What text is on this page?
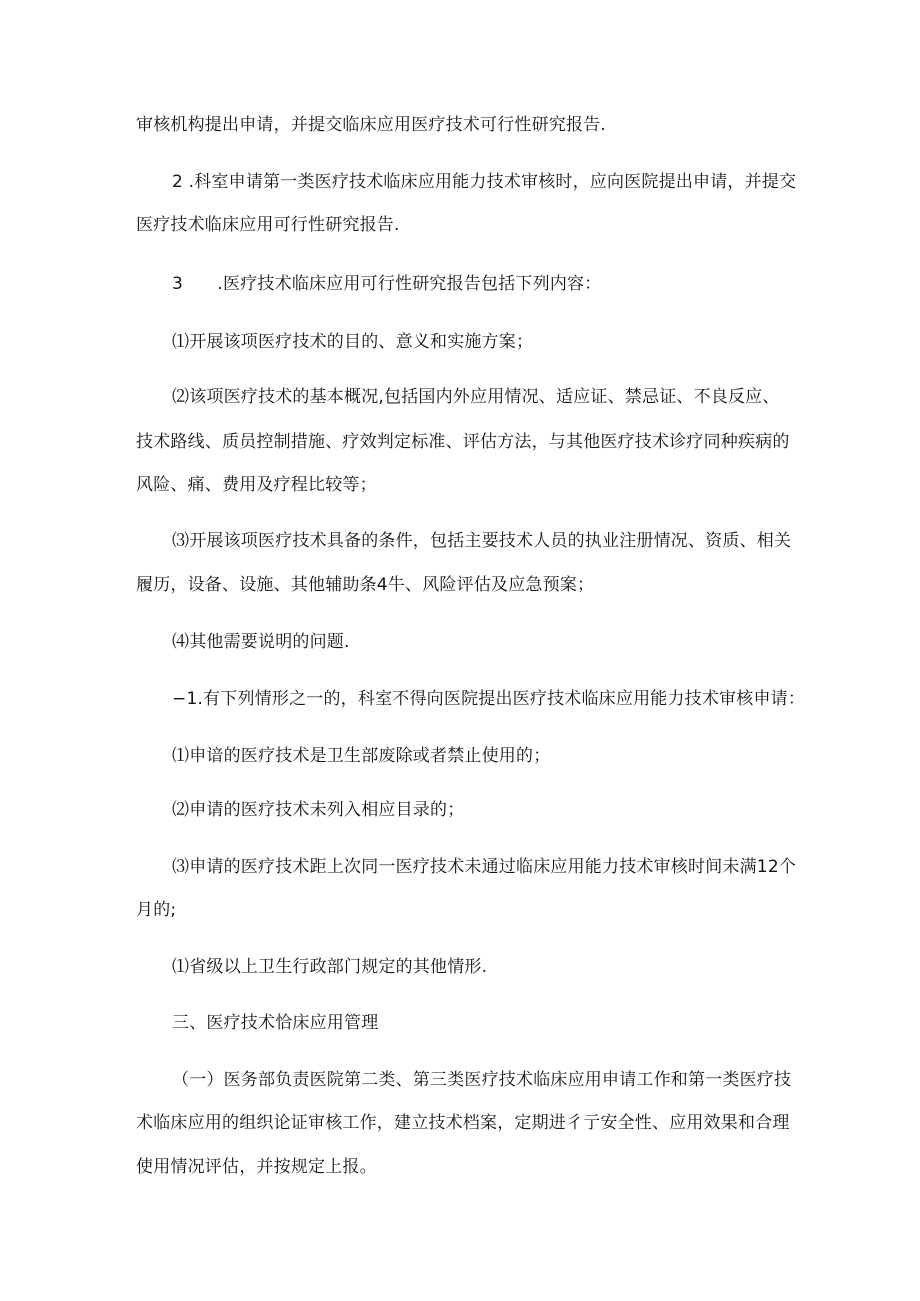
审核机构提出申请，并提交临床应用医疗技术可行性研究报告.

2 .科室申请第一类医疗技术临床应用能力技术审核时，应向医院提出申请，并提交

医疗技术临床应用可行性研究报告.

3　　.医疗技术临床应用可行性研究报告包括下列内容：

⑴开展该项医疗技术的目的、意义和实施方案；

⑵该项医疗技术的基本概况,包括国内外应用情况、适应证、禁忌证、不良反应、

技术路线、质员控制措施、疗效判定标准、评估方法，与其他医疗技术诊疗同种疾病的

风险、痛、费用及疗程比较等；

⑶开展该项医疗技术具备的条件，包括主要技术人员的执业注册情况、资质、相关

履历，设备、设施、其他辅助条4牛、风险评估及应急预案；

⑷其他需要说明的问题.

−1.有下列情形之一的，科室不得向医院提出医疗技术临床应用能力技术审核申请：

⑴申谙的医疗技术是卫生部废除或者禁止使用的；

⑵申请的医疗技术未列入相应目录的；

⑶申请的医疗技术距上次同一医疗技术未通过临床应用能力技术审核时间未满12个

月的;

⑴省级以上卫生行政部门规定的其他情形.

三、医疗技术恰床应用管理

（一）医务部负责医院第二类、第三类医疗技术临床应用申请工作和第一类医疗技

术临床应用的组织论证审核工作，建立技术档案，定期进彳亍安全性、应用效果和合理

使用情况评估，并按规定上报。
